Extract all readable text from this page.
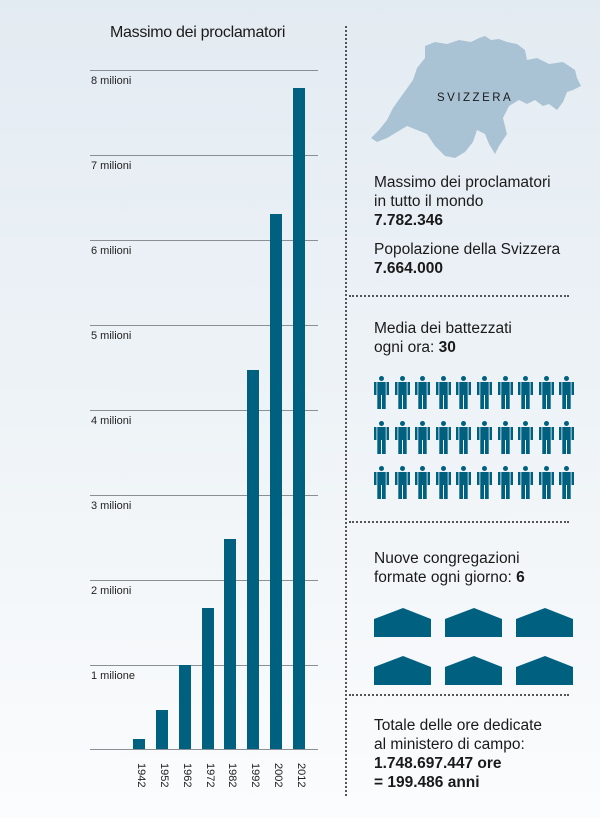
Massimo dei proclamatori
8 milioni
7 milioni
6 milioni
5 milioni
4 milioni
3 milioni
2 milioni
1 milione
1942 1952 1962 1972 1982 1992 2002 2012
SVIZZERA
Massimo dei proclamatori
in tutto il mondo
7.782.346
Popolazione della Svizzera
7.664.000
Media dei battezzati
ogni ora: 30
Nuove congregazioni
formate ogni giorno: 6
Totale delle ore dedicate
al ministero di campo:
1.748.697.447 ore
= 199.486 anni
